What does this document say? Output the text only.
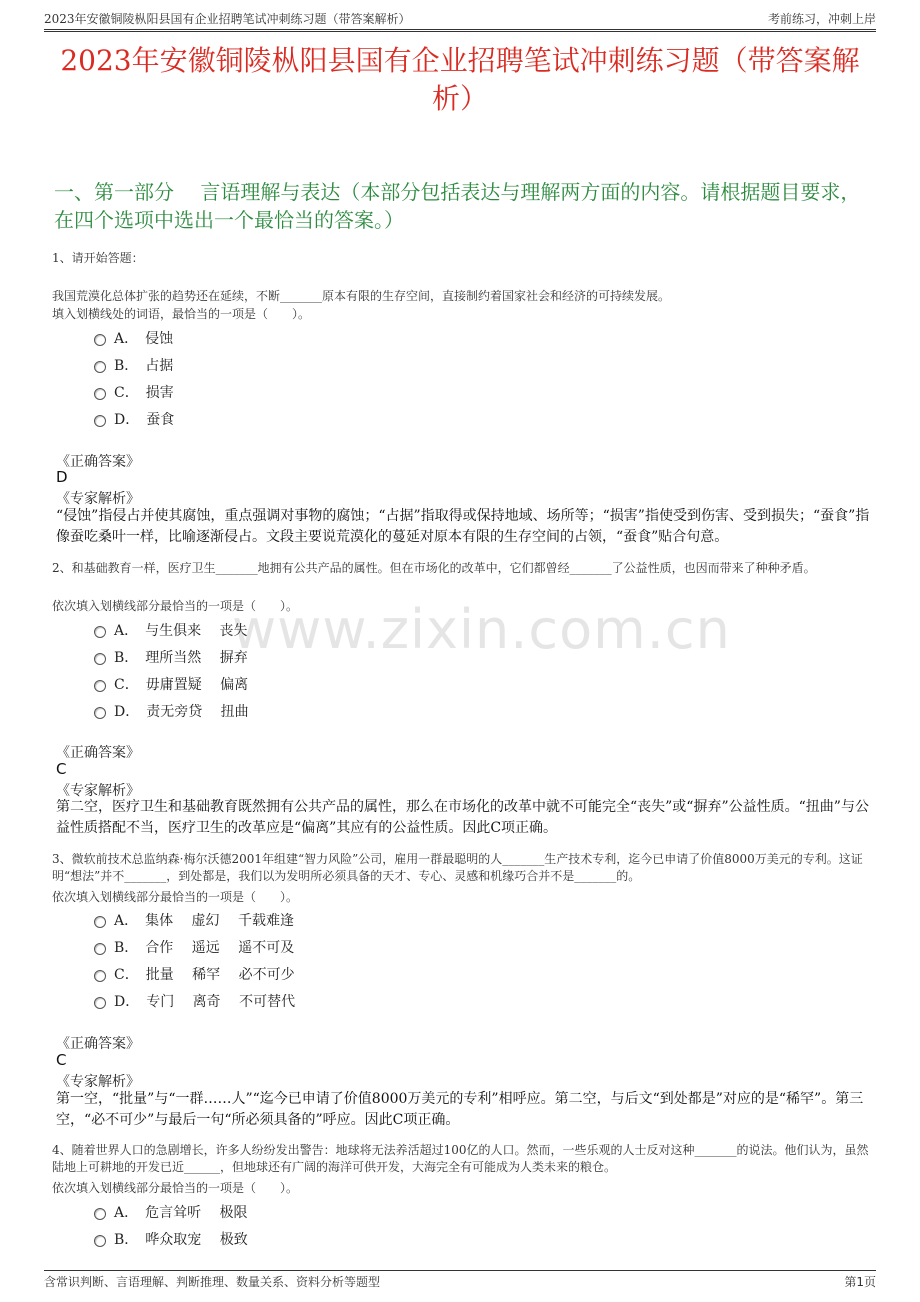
2023年安徽铜陵枞阳县国有企业招聘笔试冲刺练习题（带答案解析）	考前练习，冲刺上岸
2023年安徽铜陵枞阳县国有企业招聘笔试冲刺练习题（带答案解析）
一、第一部分　 言语理解与表达（本部分包括表达与理解两方面的内容。请根据题目要求，在四个选项中选出一个最恰当的答案。）
www.zixin.com.cn
1、请开始答题：
我国荒漠化总体扩张的趋势还在延续，不断_______原本有限的生存空间，直接制约着国家社会和经济的可持续发展。
填入划横线处的词语，最恰当的一项是（　　）。
A．　侵蚀
B．　占据
C．　损害
D．　蚕食
《正确答案》
D
《专家解析》
“侵蚀”指侵占并使其腐蚀，重点强调对事物的腐蚀；“占据”指取得或保持地域、场所等；“损害”指使受到伤害、受到损失；“蚕食”指像蚕吃桑叶一样，比喻逐渐侵占。文段主要说荒漠化的蔓延对原本有限的生存空间的占领，“蚕食”贴合句意。
2、和基础教育一样，医疗卫生_______地拥有公共产品的属性。但在市场化的改革中，它们都曾经_______了公益性质，也因而带来了种种矛盾。
依次填入划横线部分最恰当的一项是（　　）。
A．　与生俱来　 丧失
B．　理所当然　 摒弃
C．　毋庸置疑　 偏离
D．　责无旁贷　 扭曲
《正确答案》
C
《专家解析》
第二空，医疗卫生和基础教育既然拥有公共产品的属性，那么在市场化的改革中就不可能完全“丧失”或“摒弃”公益性质。“扭曲”与公益性质搭配不当，医疗卫生的改革应是“偏离”其应有的公益性质。因此C项正确。
3、微软前技术总监纳森·梅尔沃德2001年组建“智力风险”公司，雇用一群最聪明的人_______生产技术专利，迄今已申请了价值8000万美元的专利。这证明“想法”并不_______，到处都是，我们以为发明所必须具备的天才、专心、灵感和机缘巧合并不是_______的。
依次填入划横线部分最恰当的一项是（　　）。
A．　集体　 虚幻　 千载难逢
B．　合作　 遥远　 遥不可及
C．　批量　 稀罕　 必不可少
D．　专门　 离奇　 不可替代
《正确答案》
C
《专家解析》
第一空，“批量”与“一群……人”“迄今已申请了价值8000万美元的专利”相呼应。第二空，与后文“到处都是”对应的是“稀罕”。第三空，“必不可少”与最后一句“所必须具备的”呼应。因此C项正确。
4、随着世界人口的急剧增长，许多人纷纷发出警告：地球将无法养活超过100亿的人口。然而，一些乐观的人士反对这种_______的说法。他们认为，虽然陆地上可耕地的开发已近______，但地球还有广阔的海洋可供开发，大海完全有可能成为人类未来的粮仓。
依次填入划横线部分最恰当的一项是（　　）。
A．　危言耸听　 极限
B．　哗众取宠　 极致
含常识判断、言语理解、判断推理、数量关系、资料分析等题型	第1页
